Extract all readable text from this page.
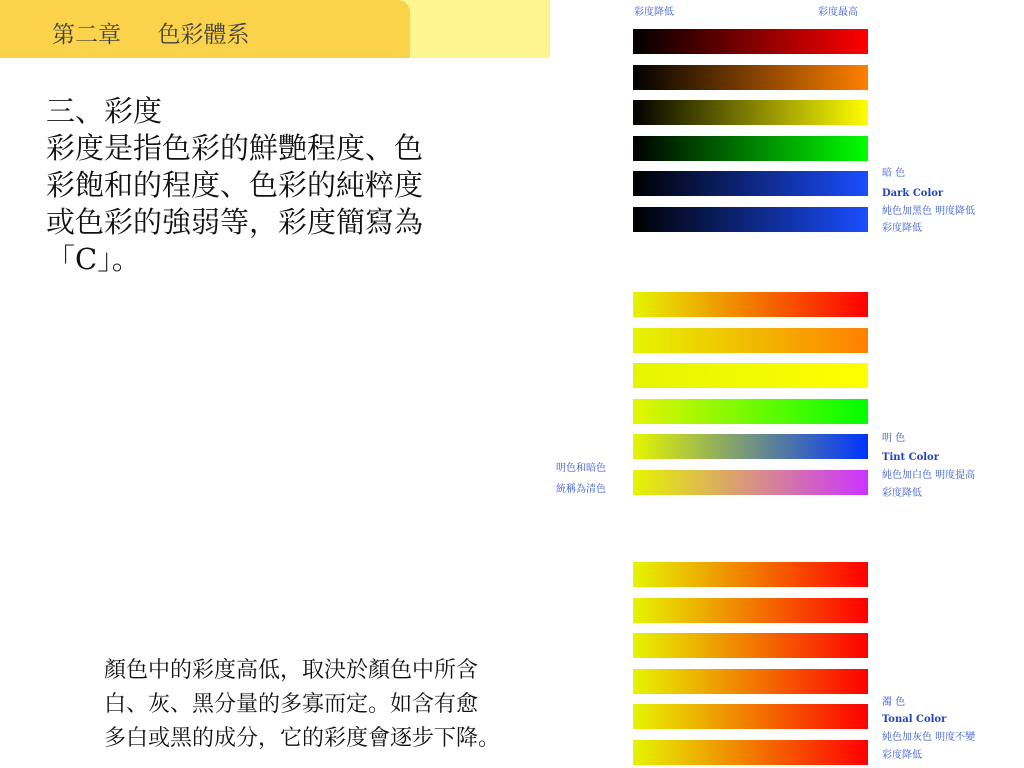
第二章     色彩體系
三、彩度
彩度是指色彩的鮮艷程度、色
彩飽和的程度、色彩的純粹度
或色彩的強弱等，彩度簡寫為
「C」。
顏色中的彩度高低，取決於顏色中所含
白、灰、黑分量的多寡而定。如含有愈
多白或黑的成分，它的彩度會逐步下降。
彩度降低	彩度最高
暗 色
Dark Color
純色加黑色 明度降低
彩度降低
明 色
Tint Color
純色加白色 明度提高
彩度降低
明色和暗色
統稱為清色
濁 色
Tonal Color
純色加灰色 明度不變
彩度降低
